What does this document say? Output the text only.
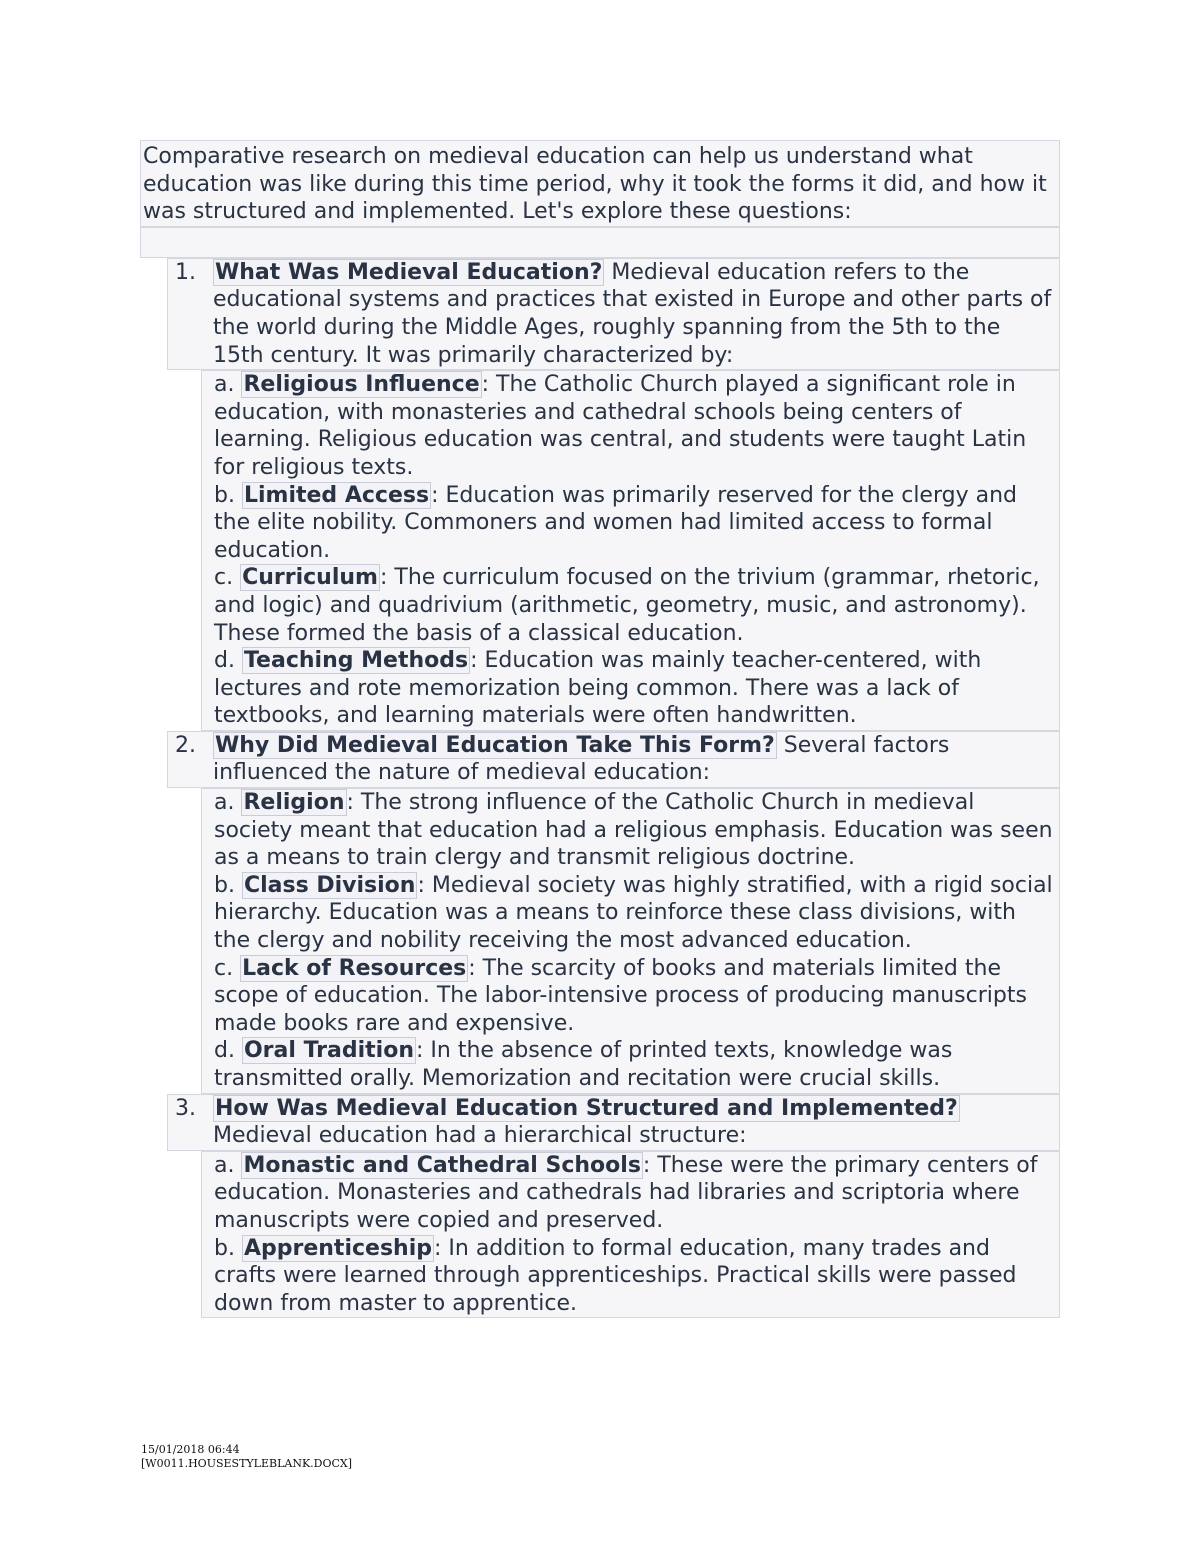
Comparative research on medieval education can help us understand what education was like during this time period, why it took the forms it did, and how it was structured and implemented. Let's explore these questions:
1. What Was Medieval Education? Medieval education refers to the educational systems and practices that existed in Europe and other parts of the world during the Middle Ages, roughly spanning from the 5th to the 15th century. It was primarily characterized by:
a. Religious Influence: The Catholic Church played a significant role in education, with monasteries and cathedral schools being centers of learning. Religious education was central, and students were taught Latin for religious texts.
b. Limited Access: Education was primarily reserved for the clergy and the elite nobility. Commoners and women had limited access to formal education.
c. Curriculum: The curriculum focused on the trivium (grammar, rhetoric, and logic) and quadrivium (arithmetic, geometry, music, and astronomy). These formed the basis of a classical education.
d. Teaching Methods: Education was mainly teacher-centered, with lectures and rote memorization being common. There was a lack of textbooks, and learning materials were often handwritten.
2. Why Did Medieval Education Take This Form? Several factors influenced the nature of medieval education:
a. Religion: The strong influence of the Catholic Church in medieval society meant that education had a religious emphasis. Education was seen as a means to train clergy and transmit religious doctrine.
b. Class Division: Medieval society was highly stratified, with a rigid social hierarchy. Education was a means to reinforce these class divisions, with the clergy and nobility receiving the most advanced education.
c. Lack of Resources: The scarcity of books and materials limited the scope of education. The labor-intensive process of producing manuscripts made books rare and expensive.
d. Oral Tradition: In the absence of printed texts, knowledge was transmitted orally. Memorization and recitation were crucial skills.
3. How Was Medieval Education Structured and Implemented? Medieval education had a hierarchical structure:
a. Monastic and Cathedral Schools: These were the primary centers of education. Monasteries and cathedrals had libraries and scriptoria where manuscripts were copied and preserved.
b. Apprenticeship: In addition to formal education, many trades and crafts were learned through apprenticeships. Practical skills were passed down from master to apprentice.
15/01/2018 06:44
[W0011.HOUSESTYLEBLANK.DOCX]
